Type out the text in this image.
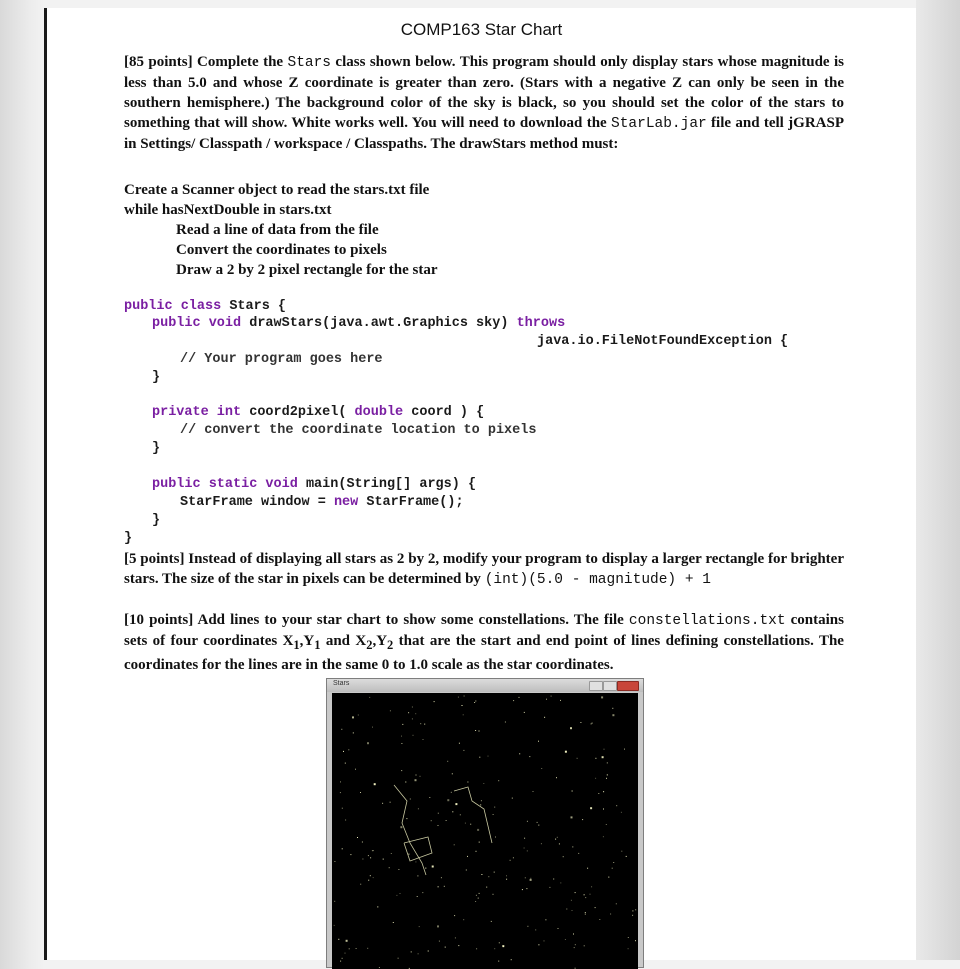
COMP163 Star Chart

[85 points] Complete the Stars class shown below. This program should only display stars whose magnitude is less than 5.0 and whose Z coordinate is greater than zero. (Stars with a negative Z can only be seen in the southern hemisphere.) The background color of the sky is black, so you should set the color of the stars to something that will show. White works well. You will need to download the StarLab.jar file and tell jGRASP in Settings/ Classpath / workspace / Classpaths. The drawStars method must:

Create a Scanner object to read the stars.txt file
while hasNextDouble in stars.txt
Read a line of data from the file
Convert the coordinates to pixels
Draw a 2 by 2 pixel rectangle for the star
public class Stars {
public void drawStars(java.awt.Graphics sky) throws
java.io.FileNotFoundException {
// Your program goes here
}
private int coord2pixel( double coord ) {
// convert the coordinate location to pixels
}
public static void main(String[] args) {
StarFrame window = new StarFrame();
}
}

[5 points] Instead of displaying all stars as 2 by 2, modify your program to display a larger rectangle for brighter stars. The size of the star in pixels can be determined by (int)(5.0 - magnitude) + 1

[10 points] Add lines to your star chart to show some constellations. The file constellations.txt contains sets of four coordinates $X_1,Y_1$ and $X_2,Y_2$ that are the start and end point of lines defining constellations. The coordinates for the lines are in the same 0 to 1.0 scale as the star coordinates.

Stars
